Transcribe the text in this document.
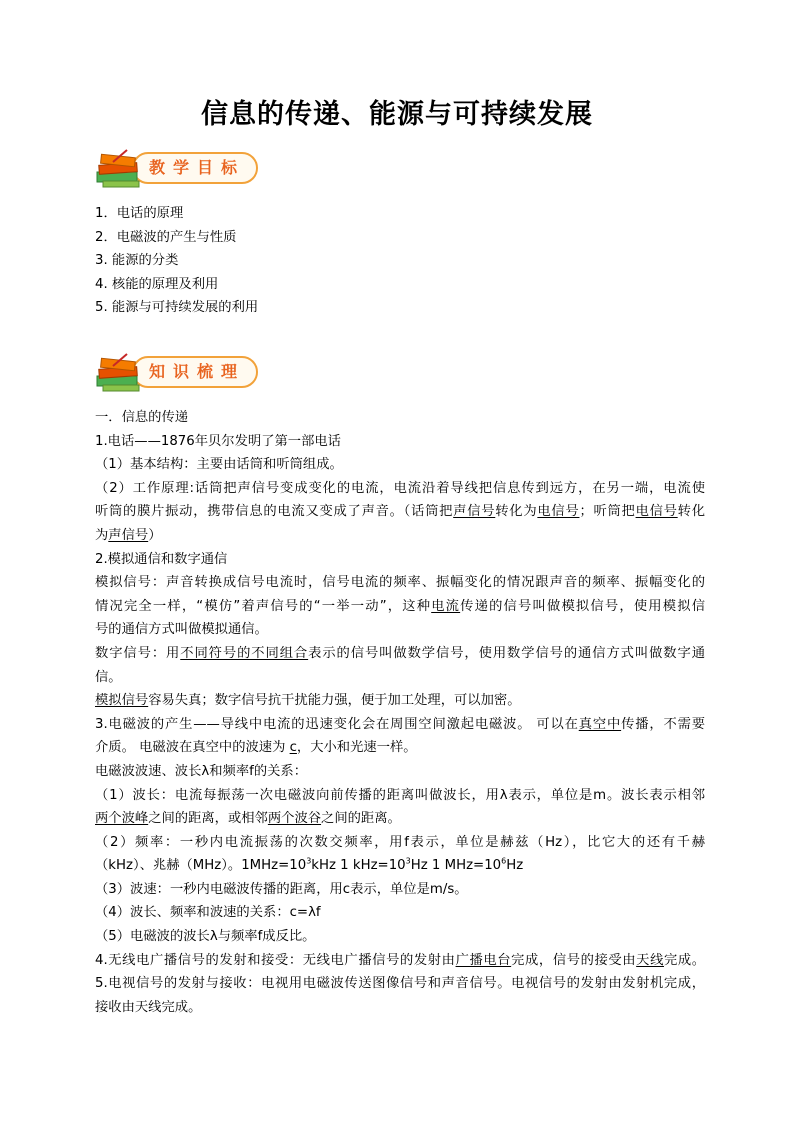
信息的传递、能源与可持续发展
教学目标
1．电话的原理
2．电磁波的产生与性质
3. 能源的分类
4. 核能的原理及利用
5. 能源与可持续发展的利用
知识梳理
一．信息的传递
1.电话——1876年贝尔发明了第一部电话
（1）基本结构：主要由话筒和听筒组成。
（2）工作原理:话筒把声信号变成变化的电流，电流沿着导线把信息传到远方，在另一端，电流使
听筒的膜片振动，携带信息的电流又变成了声音。（话筒把声信号转化为电信号；听筒把电信号转化
为声信号）
2.模拟通信和数字通信
模拟信号：声音转换成信号电流时，信号电流的频率、振幅变化的情况跟声音的频率、振幅变化的
情况完全一样，“模仿”着声信号的“一举一动”，这种电流传递的信号叫做模拟信号，使用模拟信
号的通信方式叫做模拟通信。
数字信号：用不同符号的不同组合表示的信号叫做数学信号，使用数学信号的通信方式叫做数字通
信。
模拟信号容易失真；数字信号抗干扰能力强，便于加工处理，可以加密。
3.电磁波的产生——导线中电流的迅速变化会在周围空间激起电磁波。 可以在真空中传播，不需要
介质。 电磁波在真空中的波速为 c，大小和光速一样。
电磁波波速、波长λ和频率f的关系：
（1）波长：电流每振荡一次电磁波向前传播的距离叫做波长，用λ表示，单位是m。波长表示相邻
两个波峰之间的距离，或相邻两个波谷之间的距离。
（2）频率：一秒内电流振荡的次数交频率，用f表示，单位是赫兹（Hz），比它大的还有千赫
（kHz）、兆赫（MHz）。$1MHz=10^3kHz$ 1 $kHz=10^3Hz$ 1 $MHz=10^6Hz$
（3）波速：一秒内电磁波传播的距离，用c表示，单位是m/s。
（4）波长、频率和波速的关系：c=λf
（5）电磁波的波长λ与频率f成反比。
4.无线电广播信号的发射和接受：无线电广播信号的发射由广播电台完成，信号的接受由天线完成。
5.电视信号的发射与接收：电视用电磁波传送图像信号和声音信号。电视信号的发射由发射机完成，
接收由天线完成。
